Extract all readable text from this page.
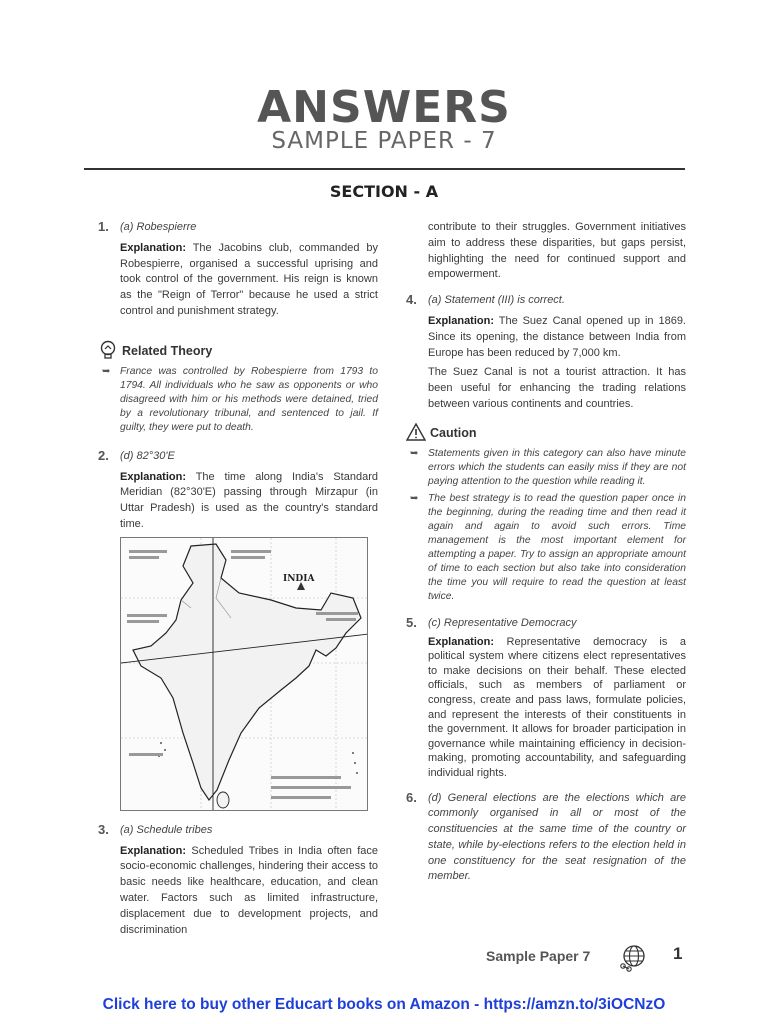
ANSWERS
SAMPLE PAPER - 7
SECTION - A
1. (a) Robespierre
Explanation: The Jacobins club, commanded by Robespierre, organised a successful uprising and took control of the government. His reign is known as the "Reign of Terror" because he used a strict control and punishment strategy.
Related Theory
➥ France was controlled by Robespierre from 1793 to 1794. All individuals who he saw as opponents or who disagreed with him or his methods were detained, tried by a revolutionary tribunal, and sentenced to jail. If guilty, they were put to death.
2. (d) 82°30'E
Explanation: The time along India's Standard Meridian (82°30'E) passing through Mirzapur (in Uttar Pradesh) is used as the country's standard time.
INDIA
3. (a) Schedule tribes
Explanation: Scheduled Tribes in India often face socio-economic challenges, hindering their access to basic needs like healthcare, education, and clean water. Factors such as limited infrastructure, displacement due to development projects, and discrimination
contribute to their struggles. Government initiatives aim to address these disparities, but gaps persist, highlighting the need for continued support and empowerment.
4. (a) Statement (III) is correct.
Explanation: The Suez Canal opened up in 1869. Since its opening, the distance between India from Europe has been reduced by 7,000 km.
The Suez Canal is not a tourist attraction. It has been useful for enhancing the trading relations between various continents and countries.
Caution
➥ Statements given in this category can also have minute errors which the students can easily miss if they are not paying attention to the question while reading it.
➥ The best strategy is to read the question paper once in the beginning, during the reading time and then read it again and again to avoid such errors. Time management is the most important element for attempting a paper. Try to assign an appropriate amount of time to each section but also take into consideration the time you will require to read the question at least twice.
5. (c) Representative Democracy
Explanation: Representative democracy is a political system where citizens elect representatives to make decisions on their behalf. These elected officials, such as members of parliament or congress, create and pass laws, formulate policies, and represent the interests of their constituents in the government. It allows for broader participation in governance while maintaining efficiency in decision-making, promoting accountability, and safeguarding individual rights.
6. (d) General elections are the elections which are commonly organised in all or most of the constituencies at the same time of the country or state, while by-elections refers to the election held in one constituency for the seat resignation of the member.
Sample Paper 7	1
Click here to buy other Educart books on Amazon - https://amzn.to/3iOCNzO
